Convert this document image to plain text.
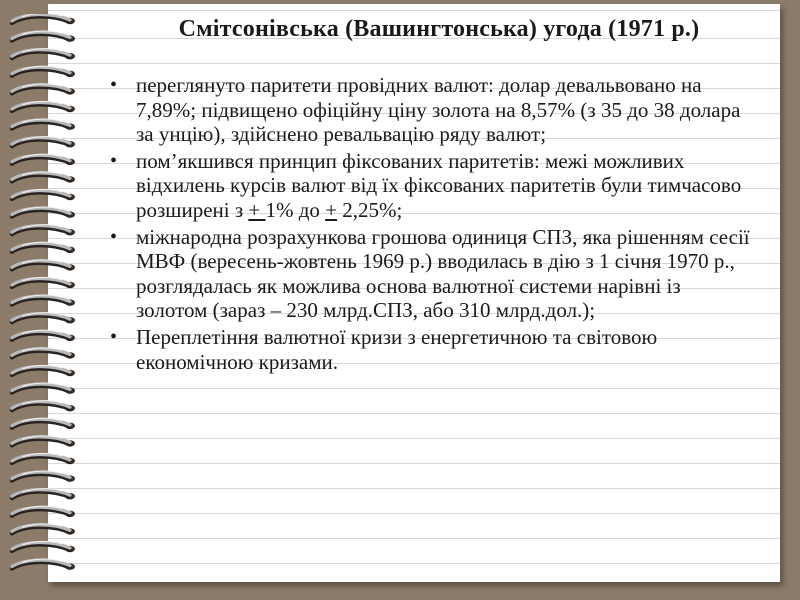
Смітсонівська (Вашингтонська) угода (1971 р.)
• переглянуто паритети провідних валют: долар девальвовано на 7,89%; підвищено офіційну ціну золота на 8,57% (з 35 до 38 долара за унцію), здійснено ревальвацію ряду валют;
• пом’якшився принцип фіксованих паритетів: межі можливих відхилень курсів валют від їх фіксованих паритетів були тимчасово розширені з + 1% до + 2,25%;
• міжнародна розрахункова грошова одиниця СПЗ, яка рішенням сесії МВФ (вересень-жовтень 1969 р.) вводилась в дію з 1 січня 1970 р., розглядалась як можлива основа валютної системи нарівні із золотом (зараз – 230 млрд.СПЗ, або 310 млрд.дол.);
• Переплетіння валютної кризи з енергетичною та світовою економічною кризами.
